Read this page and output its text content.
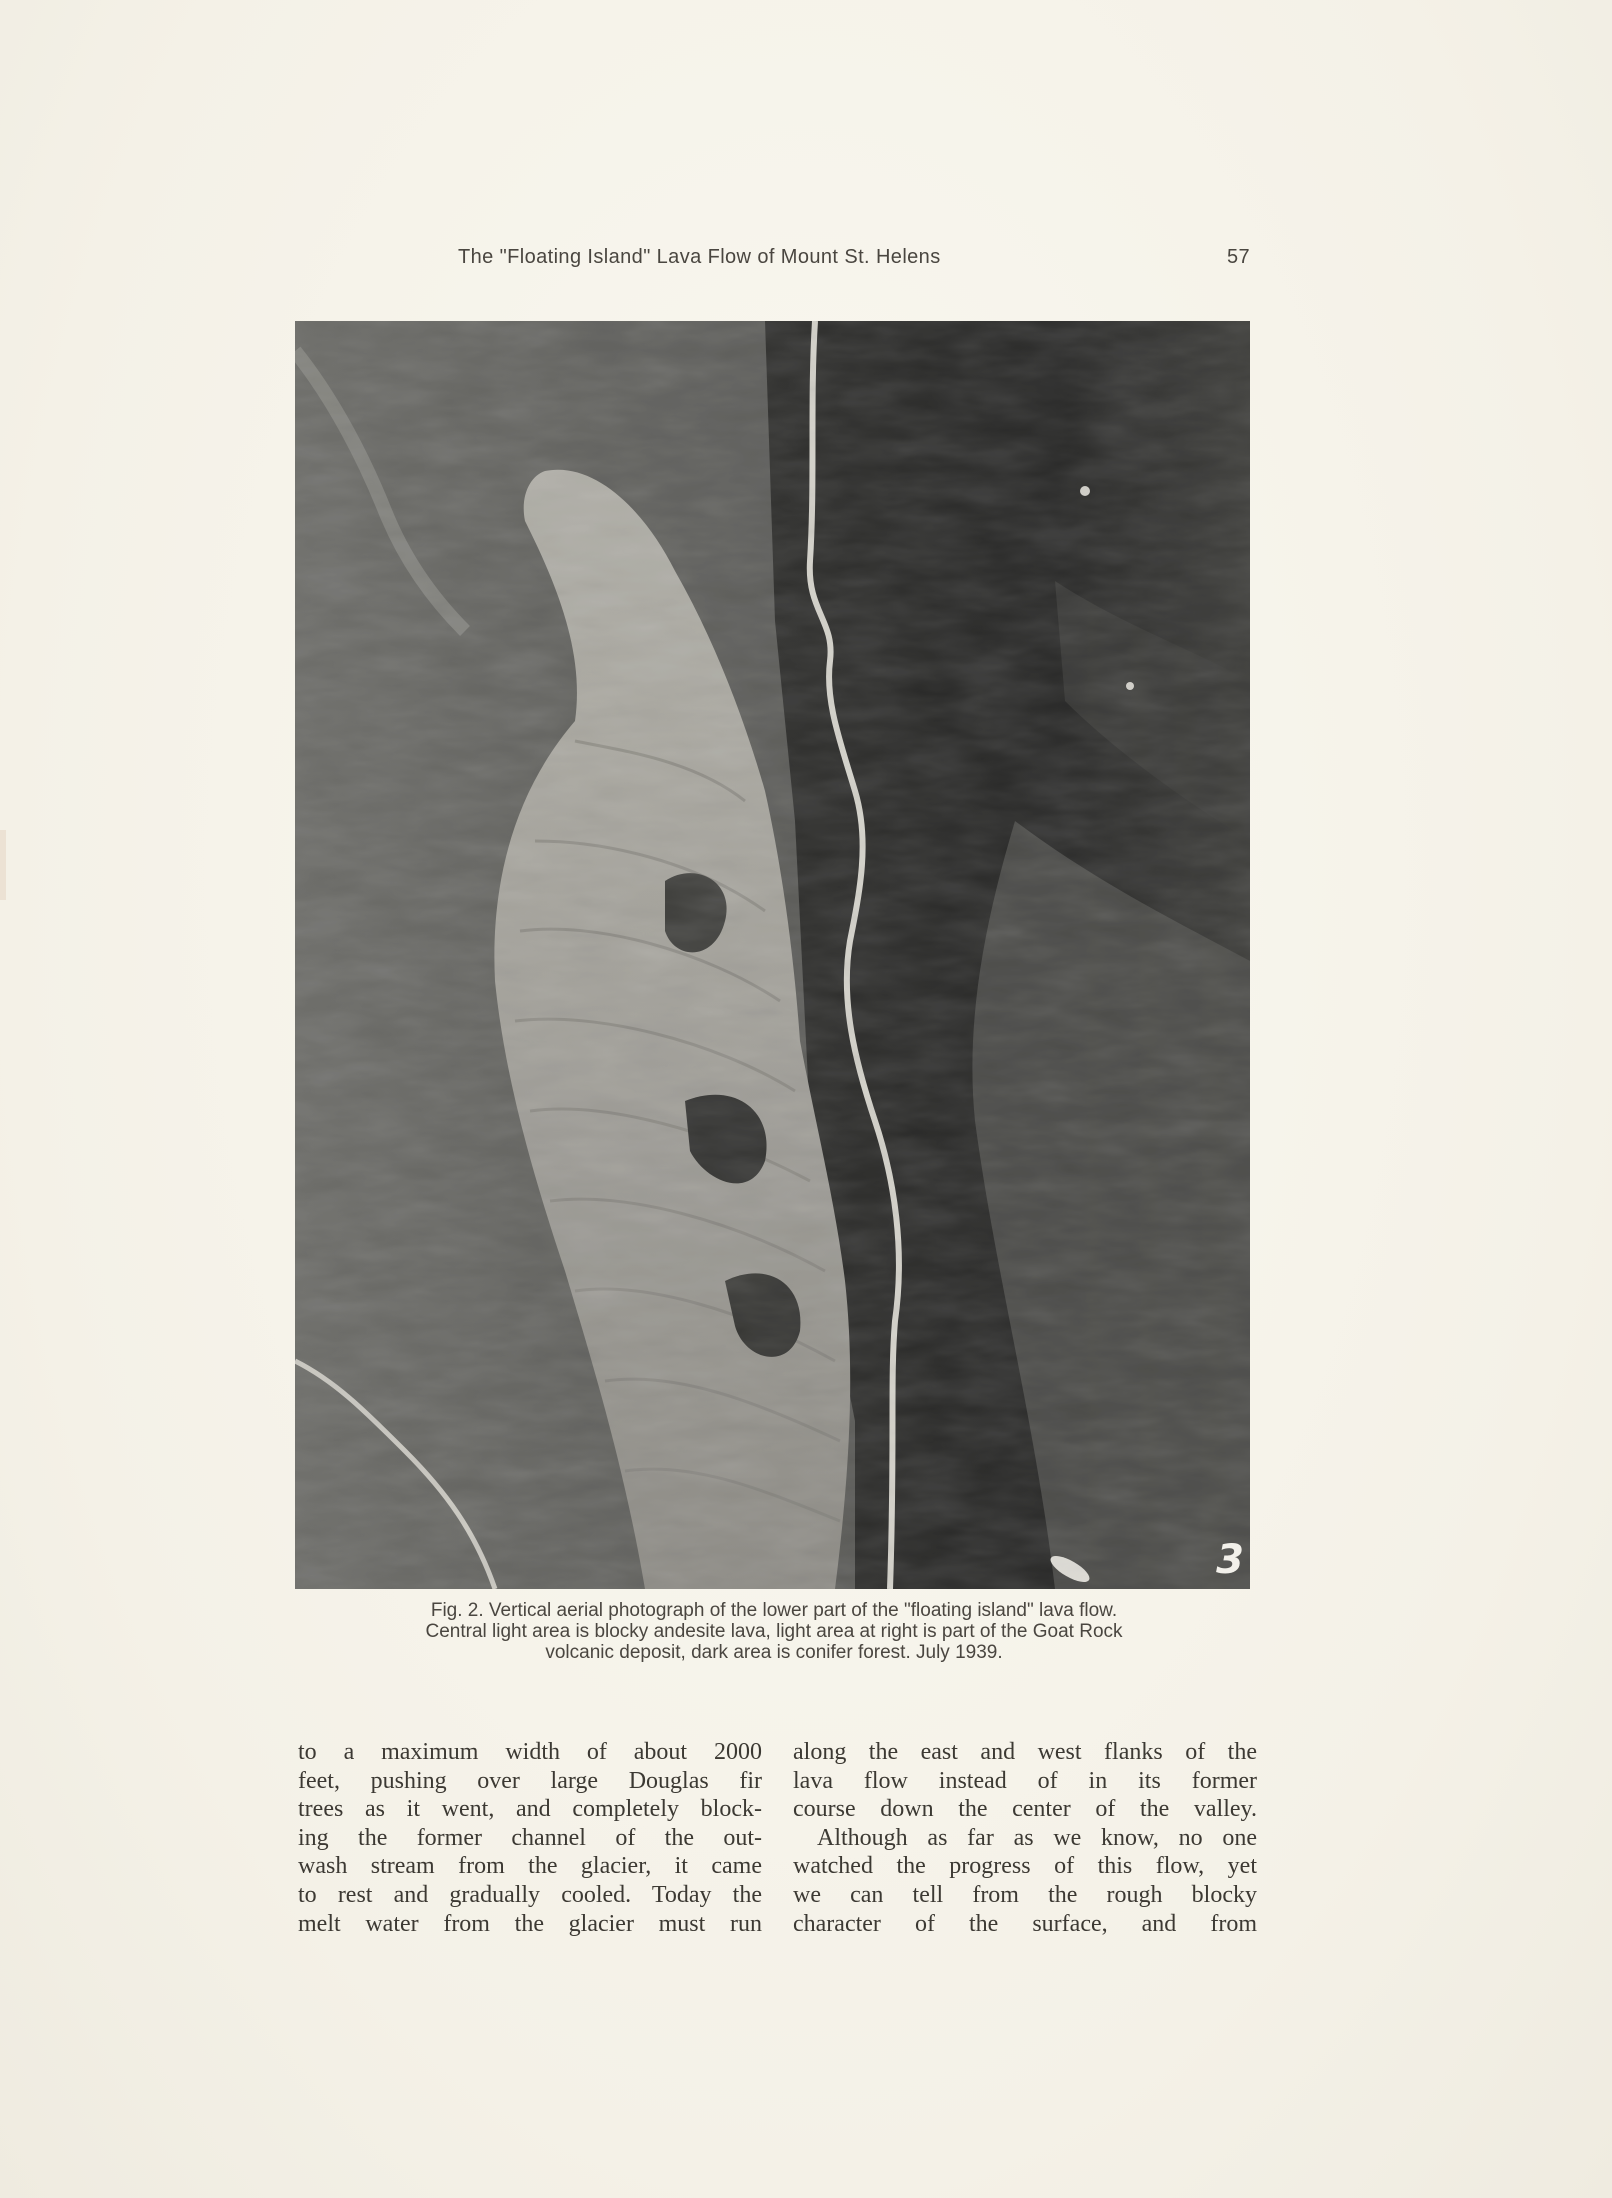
The "Floating Island" Lava Flow of Mount St. Helens	57
3
Fig. 2. Vertical aerial photograph of the lower part of the "floating island" lava flow.
Central light area is blocky andesite lava, light area at right is part of the Goat Rock
volcanic deposit, dark area is conifer forest. July 1939.
to a maximum width of about 2000
feet, pushing over large Douglas fir
trees as it went, and completely block-
ing the former channel of the out-
wash stream from the glacier, it came
to rest and gradually cooled. Today the
melt water from the glacier must run
along the east and west flanks of the
lava flow instead of in its former
course down the center of the valley.
Although as far as we know, no one
watched the progress of this flow, yet
we can tell from the rough blocky
character of the surface, and from
